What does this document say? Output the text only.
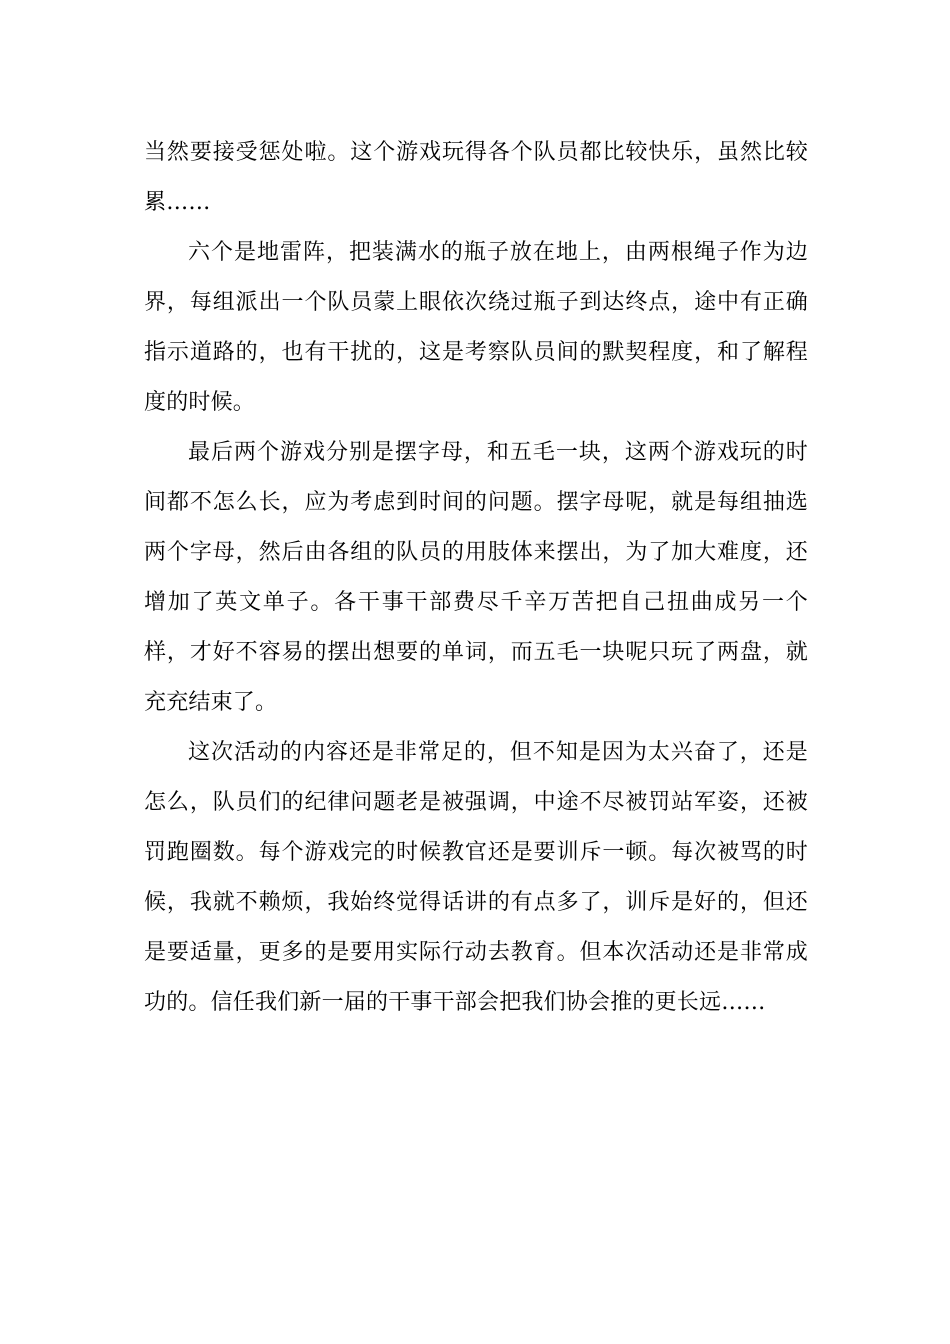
当然要接受惩处啦。这个游戏玩得各个队员都比较快乐，虽然比较累……

六个是地雷阵，把装满水的瓶子放在地上，由两根绳子作为边界，每组派出一个队员蒙上眼依次绕过瓶子到达终点，途中有正确指示道路的，也有干扰的，这是考察队员间的默契程度，和了解程度的时候。

最后两个游戏分别是摆字母，和五毛一块，这两个游戏玩的时间都不怎么长，应为考虑到时间的问题。摆字母呢，就是每组抽选两个字母，然后由各组的队员的用肢体来摆出，为了加大难度，还增加了英文单子。各干事干部费尽千辛万苦把自己扭曲成另一个样，才好不容易的摆出想要的单词，而五毛一块呢只玩了两盘，就充充结束了。

这次活动的内容还是非常足的，但不知是因为太兴奋了，还是怎么，队员们的纪律问题老是被强调，中途不尽被罚站军姿，还被罚跑圈数。每个游戏完的时候教官还是要训斥一顿。每次被骂的时候，我就不赖烦，我始终觉得话讲的有点多了，训斥是好的，但还是要适量，更多的是要用实际行动去教育。但本次活动还是非常成功的。信任我们新一届的干事干部会把我们协会推的更长远……
